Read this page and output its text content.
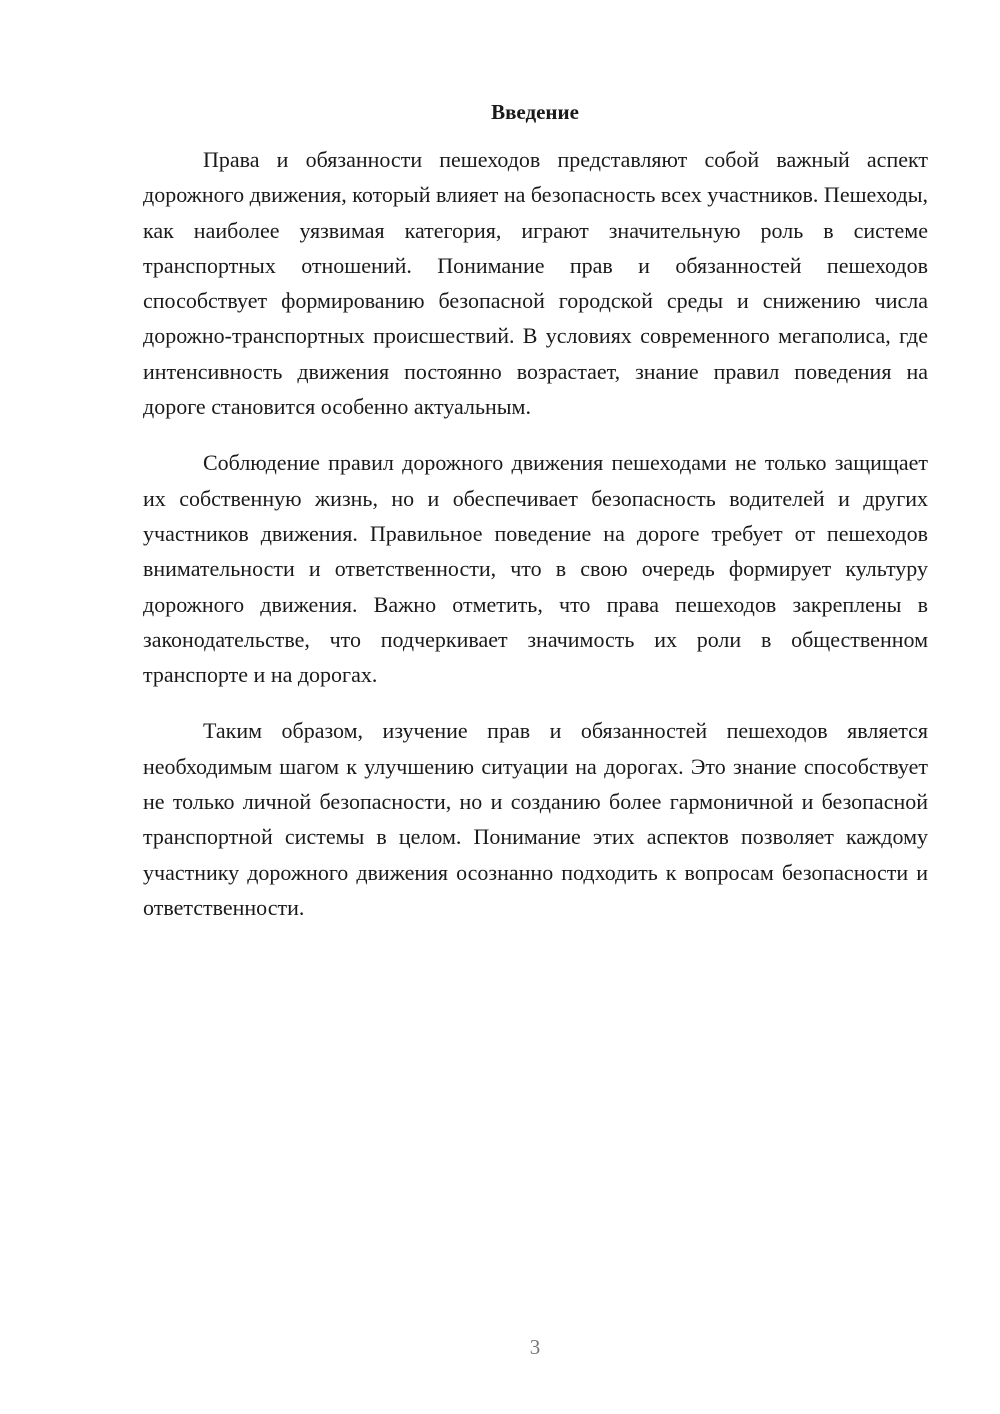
Введение

Права и обязанности пешеходов представляют собой важный аспект дорожного движения, который влияет на безопасность всех участников. Пешеходы, как наиболее уязвимая категория, играют значительную роль в системе транспортных отношений. Понимание прав и обязанностей пешеходов способствует формированию безопасной городской среды и снижению числа дорожно-транспортных происшествий. В условиях современного мегаполиса, где интенсивность движения постоянно возрастает, знание правил поведения на дороге становится особенно актуальным.

Соблюдение правил дорожного движения пешеходами не только защищает их собственную жизнь, но и обеспечивает безопасность водителей и других участников движения. Правильное поведение на дороге требует от пешеходов внимательности и ответственности, что в свою очередь формирует культуру дорожного движения. Важно отметить, что права пешеходов закреплены в законодательстве, что подчеркивает значимость их роли в общественном транспорте и на дорогах.

Таким образом, изучение прав и обязанностей пешеходов является необходимым шагом к улучшению ситуации на дорогах. Это знание способствует не только личной безопасности, но и созданию более гармоничной и безопасной транспортной системы в целом. Понимание этих аспектов позволяет каждому участнику дорожного движения осознанно подходить к вопросам безопасности и ответственности.

3
